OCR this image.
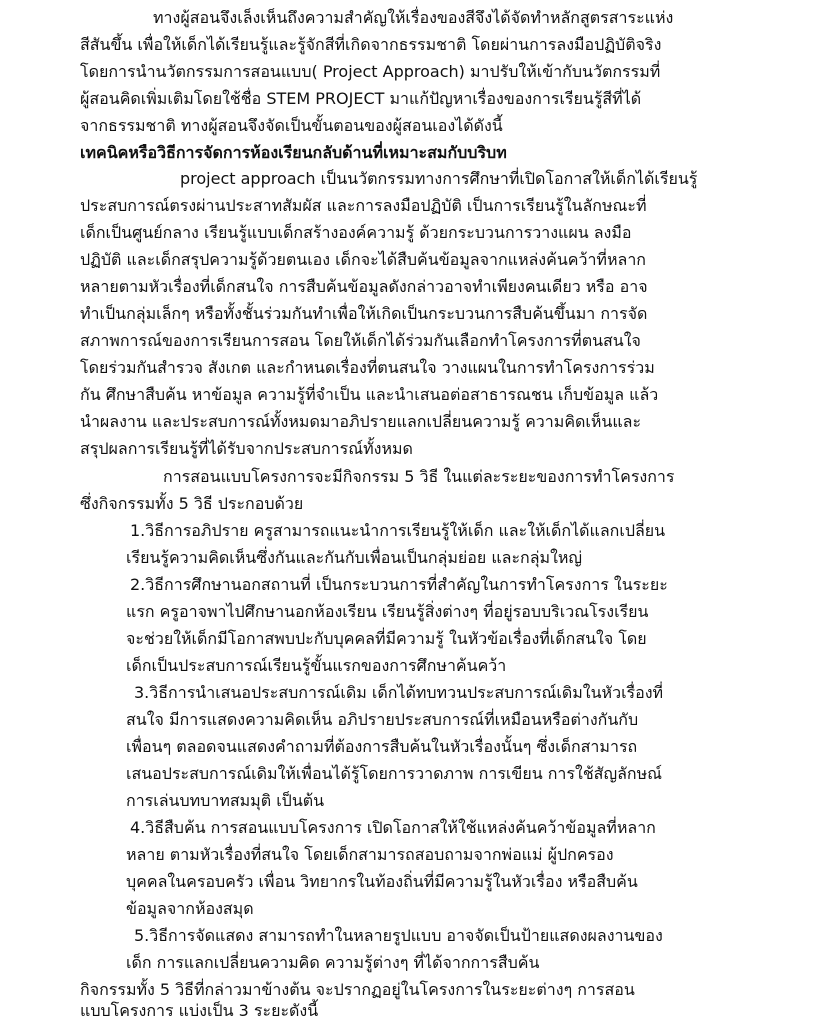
ทางผู้สอนจึงเล็งเห็นถึงความสำคัญให้เรื่องของสีจึงได้จัดทำหลักสูตรสาระแห่ง
สีสันขึ้น เพื่อให้เด็กได้เรียนรู้และรู้จักสีที่เกิดจากธรรมชาติ โดยผ่านการลงมือปฏิบัติจริง
โดยการนำนวัตกรรมการสอนแบบ( Project Approach) มาปรับให้เข้ากับนวัตกรรมที่
ผู้สอนคิดเพิ่มเติมโดยใช้ชื่อ STEM PROJECT มาแก้ปัญหาเรื่องของการเรียนรู้สีที่ได้
จากธรรมชาติ ทางผู้สอนจึงจัดเป็นขั้นตอนของผู้สอนเองได้ดังนี้
เทคนิคหรือวิธีการจัดการห้องเรียนกลับด้านที่เหมาะสมกับบริบท
project approach เป็นนวัตกรรมทางการศึกษาที่เปิดโอกาสให้เด็กได้เรียนรู้
ประสบการณ์ตรงผ่านประสาทสัมผัส และการลงมือปฏิบัติ เป็นการเรียนรู้ในลักษณะที่
เด็กเป็นศูนย์กลาง เรียนรู้แบบเด็กสร้างองค์ความรู้ ด้วยกระบวนการวางแผน ลงมือ
ปฏิบัติ และเด็กสรุปความรู้ด้วยตนเอง เด็กจะได้สืบค้นข้อมูลจากแหล่งค้นคว้าที่หลาก
หลายตามหัวเรื่องที่เด็กสนใจ การสืบค้นข้อมูลดังกล่าวอาจทำเพียงคนเดียว หรือ อาจ
ทำเป็นกลุ่มเล็กๆ หรือทั้งชั้นร่วมกันทำเพื่อให้เกิดเป็นกระบวนการสืบค้นขึ้นมา การจัด
สภาพการณ์ของการเรียนการสอน โดยให้เด็กได้ร่วมกันเลือกทำโครงการที่ตนสนใจ
โดยร่วมกันสำรวจ สังเกต และกำหนดเรื่องที่ตนสนใจ วางแผนในการทำโครงการร่วม
กัน ศึกษาสืบค้น หาข้อมูล ความรู้ที่จำเป็น และนำเสนอต่อสาธารณชน เก็บข้อมูล แล้ว
นำผลงาน และประสบการณ์ทั้งหมดมาอภิปรายแลกเปลี่ยนความรู้ ความคิดเห็นและ
สรุปผลการเรียนรู้ที่ได้รับจากประสบการณ์ทั้งหมด
การสอนแบบโครงการจะมีกิจกรรม 5 วิธี ในแต่ละระยะของการทำโครงการ
ซึ่งกิจกรรมทั้ง 5 วิธี ประกอบด้วย
1.วิธีการอภิปราย ครูสามารถแนะนำการเรียนรู้ให้เด็ก และให้เด็กได้แลกเปลี่ยน
เรียนรู้ความคิดเห็นซึ่งกันและกันกับเพื่อนเป็นกลุ่มย่อย และกลุ่มใหญ่
2.วิธีการศึกษานอกสถานที่ เป็นกระบวนการที่สำคัญในการทำโครงการ ในระยะ
แรก ครูอาจพาไปศึกษานอกห้องเรียน เรียนรู้สิ่งต่างๆ ที่อยู่รอบบริเวณโรงเรียน
จะช่วยให้เด็กมีโอกาสพบปะกับบุคคลที่มีความรู้ ในหัวข้อเรื่องที่เด็กสนใจ โดย
เด็กเป็นประสบการณ์เรียนรู้ขั้นแรกของการศึกษาค้นคว้า
3.วิธีการนำเสนอประสบการณ์เดิม เด็กได้ทบทวนประสบการณ์เดิมในหัวเรื่องที่
สนใจ มีการแสดงความคิดเห็น อภิปรายประสบการณ์ที่เหมือนหรือต่างกันกับ
เพื่อนๆ ตลอดจนแสดงคำถามที่ต้องการสืบค้นในหัวเรื่องนั้นๆ ซึ่งเด็กสามารถ
เสนอประสบการณ์เดิมให้เพื่อนได้รู้โดยการวาดภาพ การเขียน การใช้สัญลักษณ์
การเล่นบทบาทสมมุติ เป็นต้น
4.วิธีสืบค้น การสอนแบบโครงการ เปิดโอกาสให้ใช้แหล่งค้นคว้าข้อมูลที่หลาก
หลาย ตามหัวเรื่องที่สนใจ โดยเด็กสามารถสอบถามจากพ่อแม่ ผู้ปกครอง
บุคคลในครอบครัว เพื่อน วิทยากรในท้องถิ่นที่มีความรู้ในหัวเรื่อง หรือสืบค้น
ข้อมูลจากห้องสมุด
5.วิธีการจัดแสดง สามารถทำในหลายรูปแบบ อาจจัดเป็นป้ายแสดงผลงานของ
เด็ก การแลกเปลี่ยนความคิด ความรู้ต่างๆ ที่ได้จากการสืบค้น
กิจกรรมทั้ง 5 วิธีที่กล่าวมาข้างต้น จะปรากฏอยู่ในโครงการในระยะต่างๆ การสอน
แบบโครงการ แบ่งเป็น 3 ระยะดังนี้
